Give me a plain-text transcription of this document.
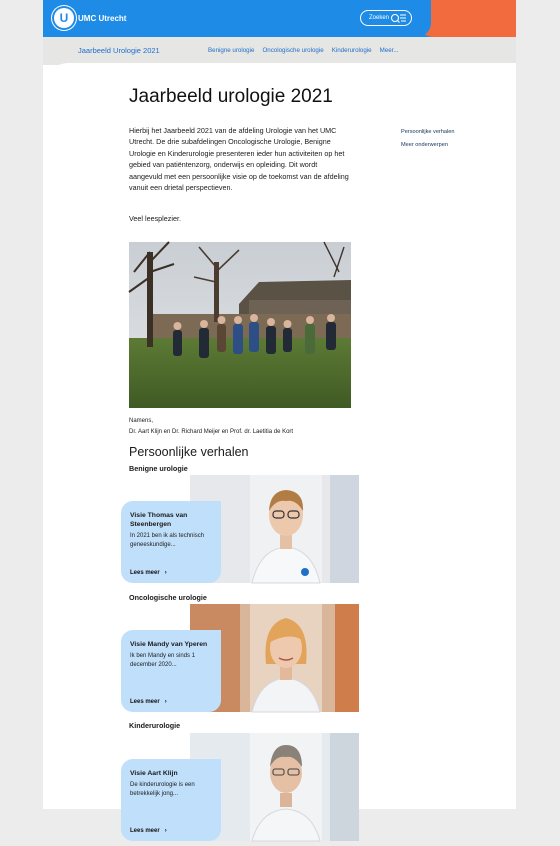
U	UMC Utrecht	Zoeken
Jaarbeeld Urologie 2021	Benigne urologie Oncologische urologie Kinderurologie Meer...
Jaarbeeld urologie 2021

Hierbij het Jaarbeeld 2021 van de afdeling Urologie van het UMC Utrecht. De drie subafdelingen Oncologische Urologie, Benigne Urologie en Kinderurologie presenteren ieder hun activiteiten op het gebied van patiëntenzorg, onderwijs en opleiding. Dit wordt aangevuld met een persoonlijke visie op de toekomst van de afdeling vanuit een drietal perspectieven.

Veel leesplezier.

Persoonlijke verhalen
Meer onderwerpen
Namens,
Dr. Aart Klijn en Dr. Richard Meijer en Prof. dr. Laetitia de Kort
Persoonlijke verhalen
Benigne urologie

Visie Thomas van Steenbergen

In 2021 ben ik als technisch geneeskundige...

Lees meer ›
Oncologische urologie

Visie Mandy van Yperen

Ik ben Mandy en sinds 1 december 2020...

Lees meer ›
Kinderurologie

Visie Aart Klijn

De kinderurologie is een betrekkelijk jong...

Lees meer ›
